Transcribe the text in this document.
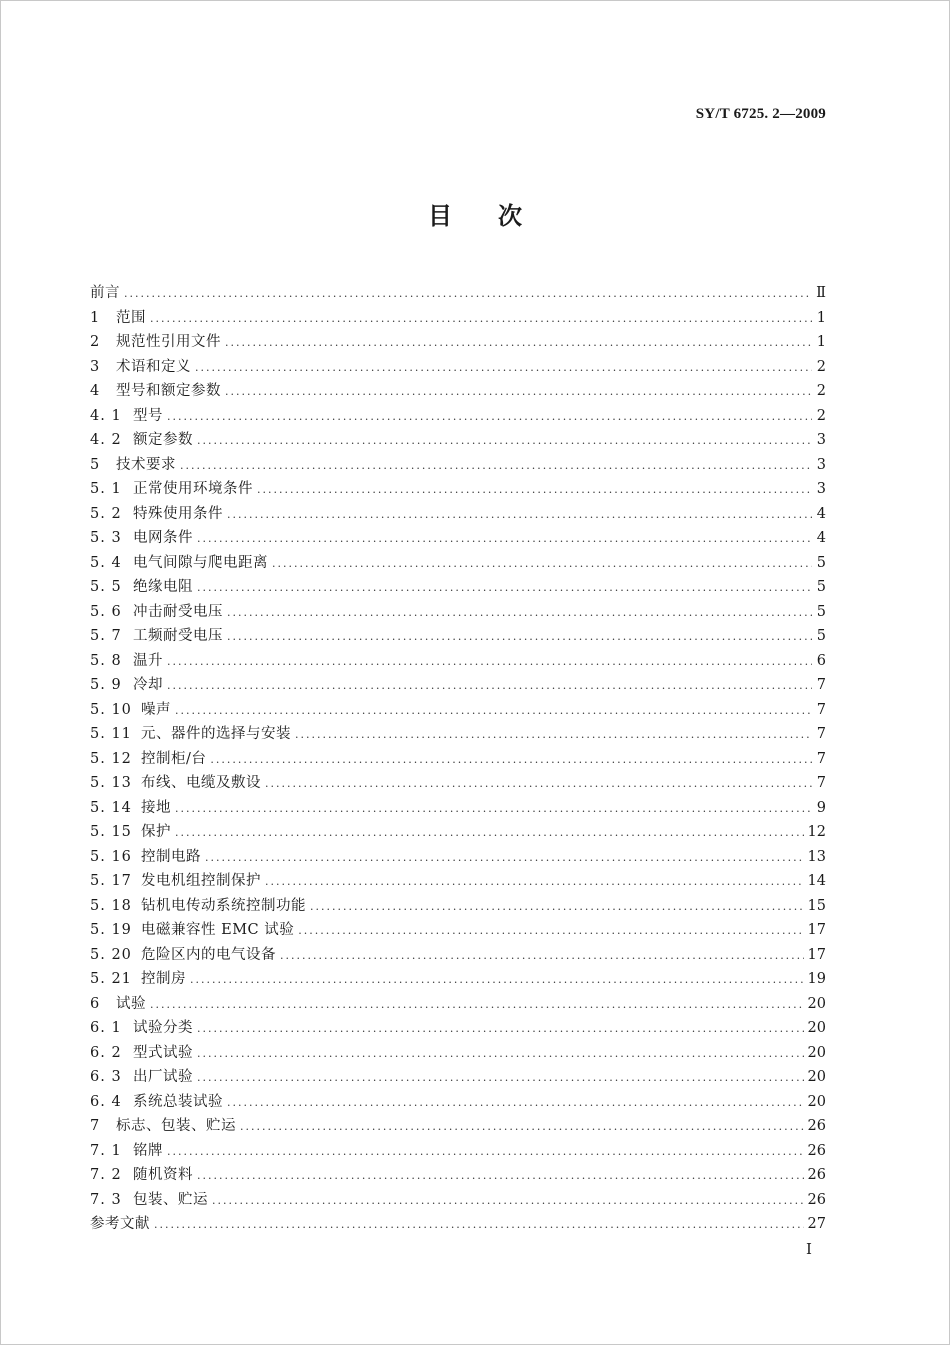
SY/T 6725. 2—2009
目次
前言 .....	Ⅱ
1	范围 .....	1
2	规范性引用文件 .....	1
3	术语和定义 .....	2
4	型号和额定参数 .....	2
4. 1 型号 .....	2
4. 2 额定参数 .....	3
5	技术要求 .....	3
5. 1 正常使用环境条件 .....	3
5. 2 特殊使用条件 .....	4
5. 3 电网条件 .....	4
5. 4 电气间隙与爬电距离 .....	5
5. 5 绝缘电阻 .....	5
5. 6 冲击耐受电压 .....	5
5. 7 工频耐受电压 .....	5
5. 8 温升 .....	6
5. 9 冷却 .....	7
5. 10 噪声 .....	7
5. 11 元、器件的选择与安装 .....	7
5. 12 控制柜/台 .....	7
5. 13 布线、电缆及敷设 .....	7
5. 14 接地 .....	9
5. 15 保护 .....	12
5. 16 控制电路 .....	13
5. 17 发电机组控制保护 .....	14
5. 18 钻机电传动系统控制功能 .....	15
5. 19 电磁兼容性 EMC 试验 .....	17
5. 20 危险区内的电气设备 .....	17
5. 21 控制房 .....	19
6	试验 .....	20
6. 1 试验分类 .....	20
6. 2 型式试验 .....	20
6. 3 出厂试验 .....	20
6. 4 系统总装试验 .....	20
7	标志、包装、贮运 .....	26
7. 1 铭牌 .....	26
7. 2 随机资料 .....	26
7. 3 包装、贮运 .....	26
参考文献 .....	27
Ⅰ
